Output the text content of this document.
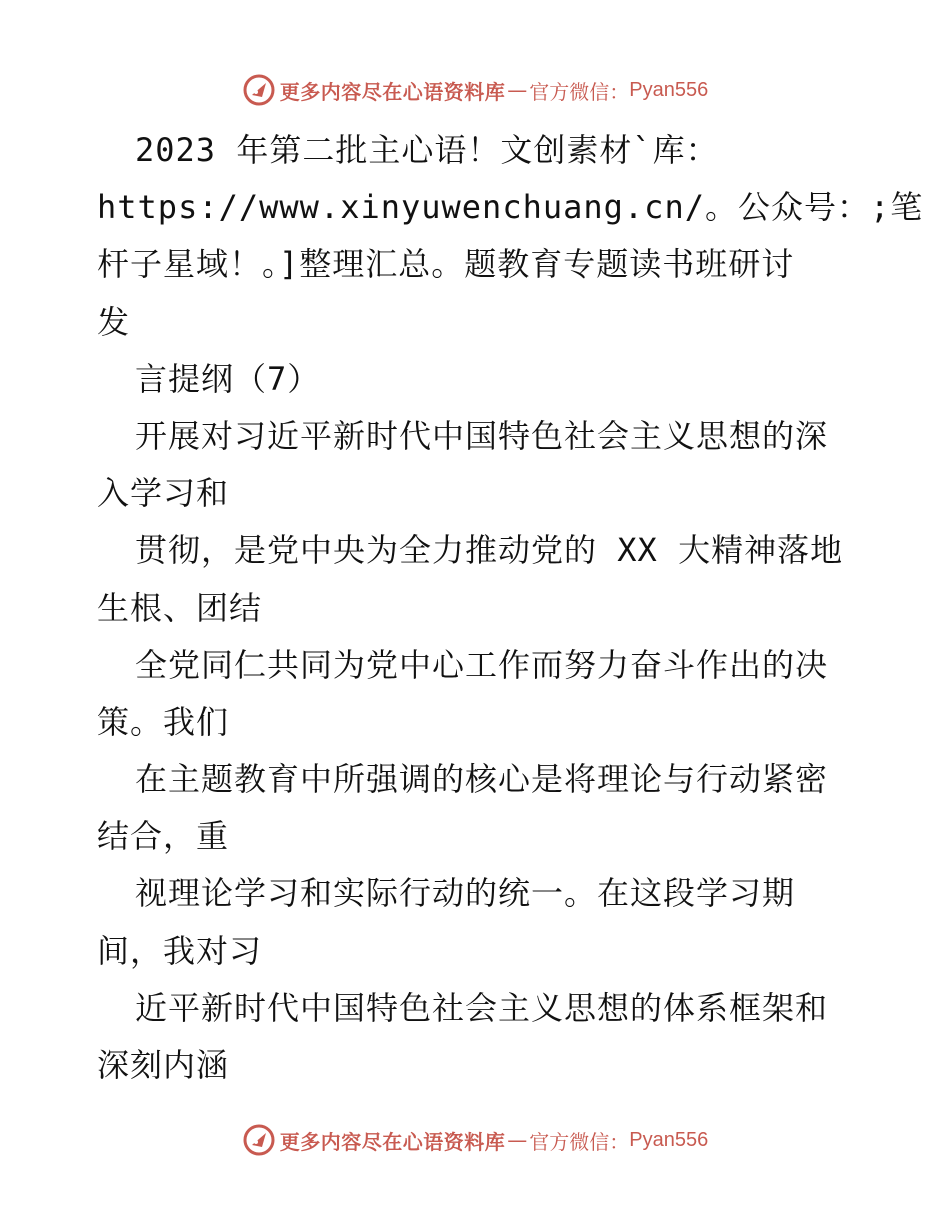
更多内容尽在心语资料库 — 官方微信： Pyan556
2023 年第二批主心语！文创素材`库：
https://www.xinyuwenchuang.cn/。公众号：;笔
杆子星域！。]整理汇总。题教育专题读书班研讨
发
言提纲（7）
开展对习近平新时代中国特色社会主义思想的深
入学习和
贯彻，是党中央为全力推动党的 XX 大精神落地
生根、团结
全党同仁共同为党中心工作而努力奋斗作出的决
策。我们
在主题教育中所强调的核心是将理论与行动紧密
结合，重
视理论学习和实际行动的统一。在这段学习期
间，我对习
近平新时代中国特色社会主义思想的体系框架和
深刻内涵
更多内容尽在心语资料库 — 官方微信： Pyan556
